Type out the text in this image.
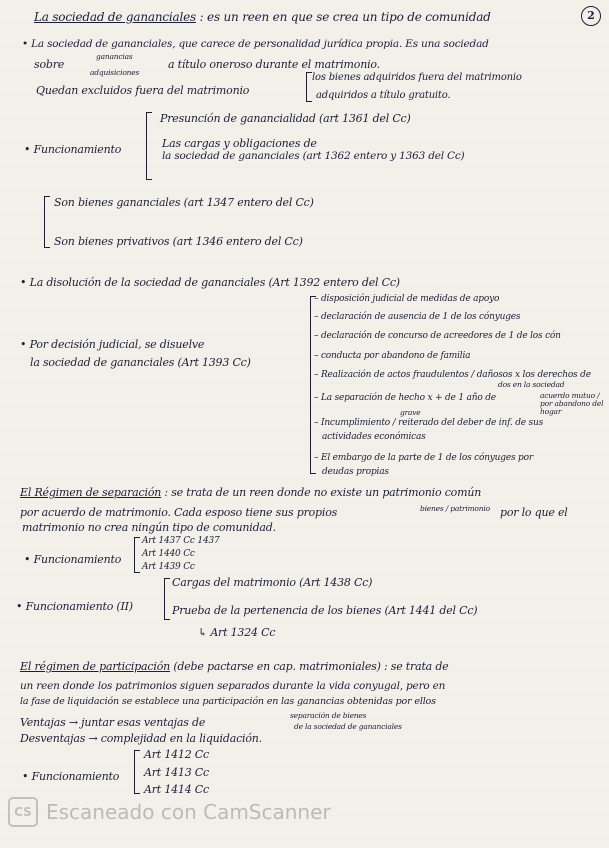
2
La sociedad de gananciales : es un reen en que se crea un tipo de comunidad
• La sociedad de gananciales, que carece de personalidad jurídica propia. Es una sociedad
sobre
ganancias
adquisiciones
a título oneroso durante el matrimonio.
Quedan excluidos fuera del matrimonio
los bienes adquiridos fuera del matrimonio
adquiridos a título gratuito.
• Funcionamiento
Presunción de ganancialidad (art 1361 del Cc)
Las cargas y obligaciones de
la sociedad de gananciales (art 1362 entero y 1363 del Cc)
Son bienes gananciales (art 1347 entero del Cc)
Son bienes privativos (art 1346 entero del Cc)
• La disolución de la sociedad de gananciales (Art 1392 entero del Cc)
• Por decisión judicial, se disuelve
la sociedad de gananciales (Art 1393 Cc)
– disposición judicial de medidas de apoyo
– declaración de ausencia de 1 de los cónyuges
– declaración de concurso de acreedores de 1 de los cón
– conducta por abandono de familia
– Realización de actos fraudulentos / dañosos x los derechos de
dos en la sociedad
– La separación de hecho x + de 1 año de	acuerdo mutuo / por abandono del hogar
– Incumplimiento / reiterado del deber de inf. de sus
grave
actividades económicas
– El embargo de la parte de 1 de los cónyuges por
deudas propias
El Régimen de separación : se trata de un reen donde no existe un patrimonio común
por acuerdo de matrimonio. Cada esposo tiene sus propios	bienes / patrimonio por lo que el
matrimonio no crea ningún tipo de comunidad.
• Funcionamiento
Art 1437 Cc 1437
Art 1440 Cc
Art 1439 Cc
• Funcionamiento (II)
Cargas del matrimonio (Art 1438 Cc)
Prueba de la pertenencia de los bienes (Art 1441 del Cc)
↳ Art 1324 Cc
El régimen de participación (debe pactarse en cap. matrimoniales) : se trata de
un reen donde los patrimonios siguen separados durante la vida conyugal, pero en
la fase de liquidación se establece una participación en las ganancias obtenidas por ellos
Ventajas → juntar esas ventajas de
separación de bienes
de la sociedad de gananciales
Desventajas → complejidad en la liquidación.
• Funcionamiento
Art 1412 Cc
Art 1413 Cc
Art 1414 Cc
CS Escaneado con CamScanner
